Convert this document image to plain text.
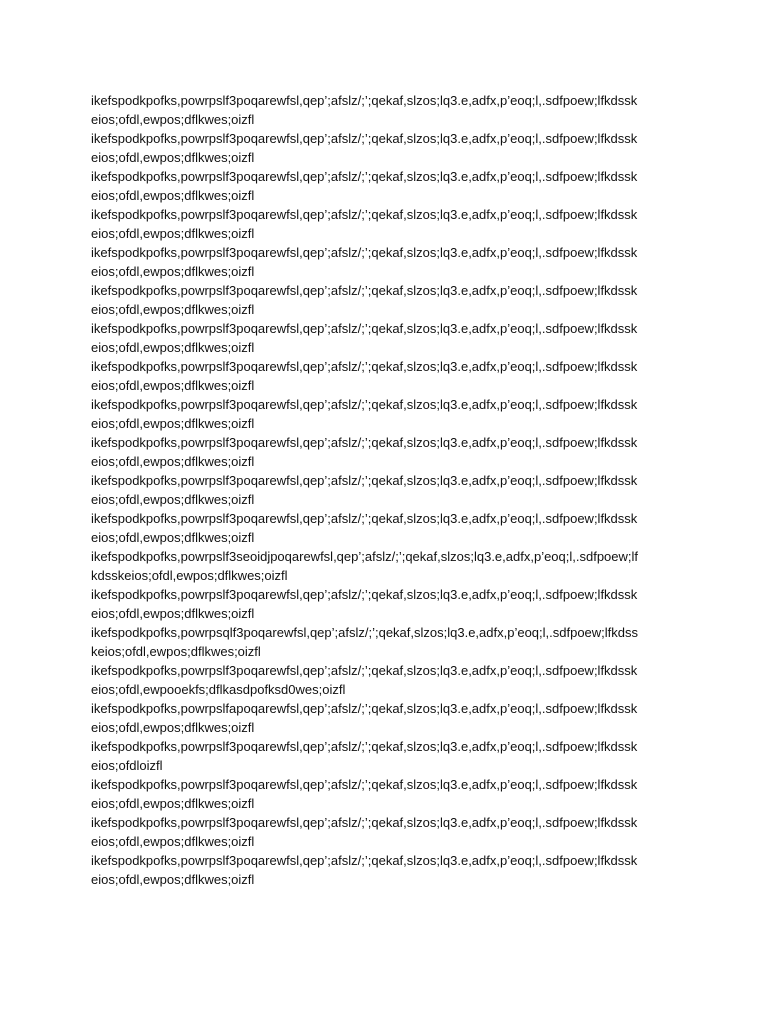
ikefspodkpofks,powrpslf3poqarewfsl,qep’;afslz/;’;qekaf,slzos;lq3.e,adfx,p’eoq;l,.sdfpoew;lfkdssk
eios;ofdl,ewpos;dflkwes;oizfl

ikefspodkpofks,powrpslf3poqarewfsl,qep’;afslz/;’;qekaf,slzos;lq3.e,adfx,p’eoq;l,.sdfpoew;lfkdssk
eios;ofdl,ewpos;dflkwes;oizfl

ikefspodkpofks,powrpslf3poqarewfsl,qep’;afslz/;’;qekaf,slzos;lq3.e,adfx,p’eoq;l,.sdfpoew;lfkdssk
eios;ofdl,ewpos;dflkwes;oizfl

ikefspodkpofks,powrpslf3poqarewfsl,qep’;afslz/;’;qekaf,slzos;lq3.e,adfx,p’eoq;l,.sdfpoew;lfkdssk
eios;ofdl,ewpos;dflkwes;oizfl

ikefspodkpofks,powrpslf3poqarewfsl,qep’;afslz/;’;qekaf,slzos;lq3.e,adfx,p’eoq;l,.sdfpoew;lfkdssk
eios;ofdl,ewpos;dflkwes;oizfl

ikefspodkpofks,powrpslf3poqarewfsl,qep’;afslz/;’;qekaf,slzos;lq3.e,adfx,p’eoq;l,.sdfpoew;lfkdssk
eios;ofdl,ewpos;dflkwes;oizfl

ikefspodkpofks,powrpslf3poqarewfsl,qep’;afslz/;’;qekaf,slzos;lq3.e,adfx,p’eoq;l,.sdfpoew;lfkdssk
eios;ofdl,ewpos;dflkwes;oizfl

ikefspodkpofks,powrpslf3poqarewfsl,qep’;afslz/;’;qekaf,slzos;lq3.e,adfx,p’eoq;l,.sdfpoew;lfkdssk
eios;ofdl,ewpos;dflkwes;oizfl

ikefspodkpofks,powrpslf3poqarewfsl,qep’;afslz/;’;qekaf,slzos;lq3.e,adfx,p’eoq;l,.sdfpoew;lfkdssk
eios;ofdl,ewpos;dflkwes;oizfl

ikefspodkpofks,powrpslf3poqarewfsl,qep’;afslz/;’;qekaf,slzos;lq3.e,adfx,p’eoq;l,.sdfpoew;lfkdssk
eios;ofdl,ewpos;dflkwes;oizfl

ikefspodkpofks,powrpslf3poqarewfsl,qep’;afslz/;’;qekaf,slzos;lq3.e,adfx,p’eoq;l,.sdfpoew;lfkdssk
eios;ofdl,ewpos;dflkwes;oizfl

ikefspodkpofks,powrpslf3poqarewfsl,qep’;afslz/;’;qekaf,slzos;lq3.e,adfx,p’eoq;l,.sdfpoew;lfkdssk
eios;ofdl,ewpos;dflkwes;oizfl

ikefspodkpofks,powrpslf3seoidjpoqarewfsl,qep’;afslz/;’;qekaf,slzos;lq3.e,adfx,p’eoq;l,.sdfpoew;lf
kdsskeios;ofdl,ewpos;dflkwes;oizfl

ikefspodkpofks,powrpslf3poqarewfsl,qep’;afslz/;’;qekaf,slzos;lq3.e,adfx,p’eoq;l,.sdfpoew;lfkdssk
eios;ofdl,ewpos;dflkwes;oizfl

ikefspodkpofks,powrpsqlf3poqarewfsl,qep’;afslz/;’;qekaf,slzos;lq3.e,adfx,p’eoq;l,.sdfpoew;lfkdss
keios;ofdl,ewpos;dflkwes;oizfl

ikefspodkpofks,powrpslf3poqarewfsl,qep’;afslz/;’;qekaf,slzos;lq3.e,adfx,p’eoq;l,.sdfpoew;lfkdssk
eios;ofdl,ewpooekfs;dflkasdpofksd0wes;oizfl

ikefspodkpofks,powrpslfapoqarewfsl,qep’;afslz/;’;qekaf,slzos;lq3.e,adfx,p’eoq;l,.sdfpoew;lfkdssk
eios;ofdl,ewpos;dflkwes;oizfl

ikefspodkpofks,powrpslf3poqarewfsl,qep’;afslz/;’;qekaf,slzos;lq3.e,adfx,p’eoq;l,.sdfpoew;lfkdssk
eios;ofdloizfl

ikefspodkpofks,powrpslf3poqarewfsl,qep’;afslz/;’;qekaf,slzos;lq3.e,adfx,p’eoq;l,.sdfpoew;lfkdssk
eios;ofdl,ewpos;dflkwes;oizfl

ikefspodkpofks,powrpslf3poqarewfsl,qep’;afslz/;’;qekaf,slzos;lq3.e,adfx,p’eoq;l,.sdfpoew;lfkdssk
eios;ofdl,ewpos;dflkwes;oizfl

ikefspodkpofks,powrpslf3poqarewfsl,qep’;afslz/;’;qekaf,slzos;lq3.e,adfx,p’eoq;l,.sdfpoew;lfkdssk
eios;ofdl,ewpos;dflkwes;oizfl
